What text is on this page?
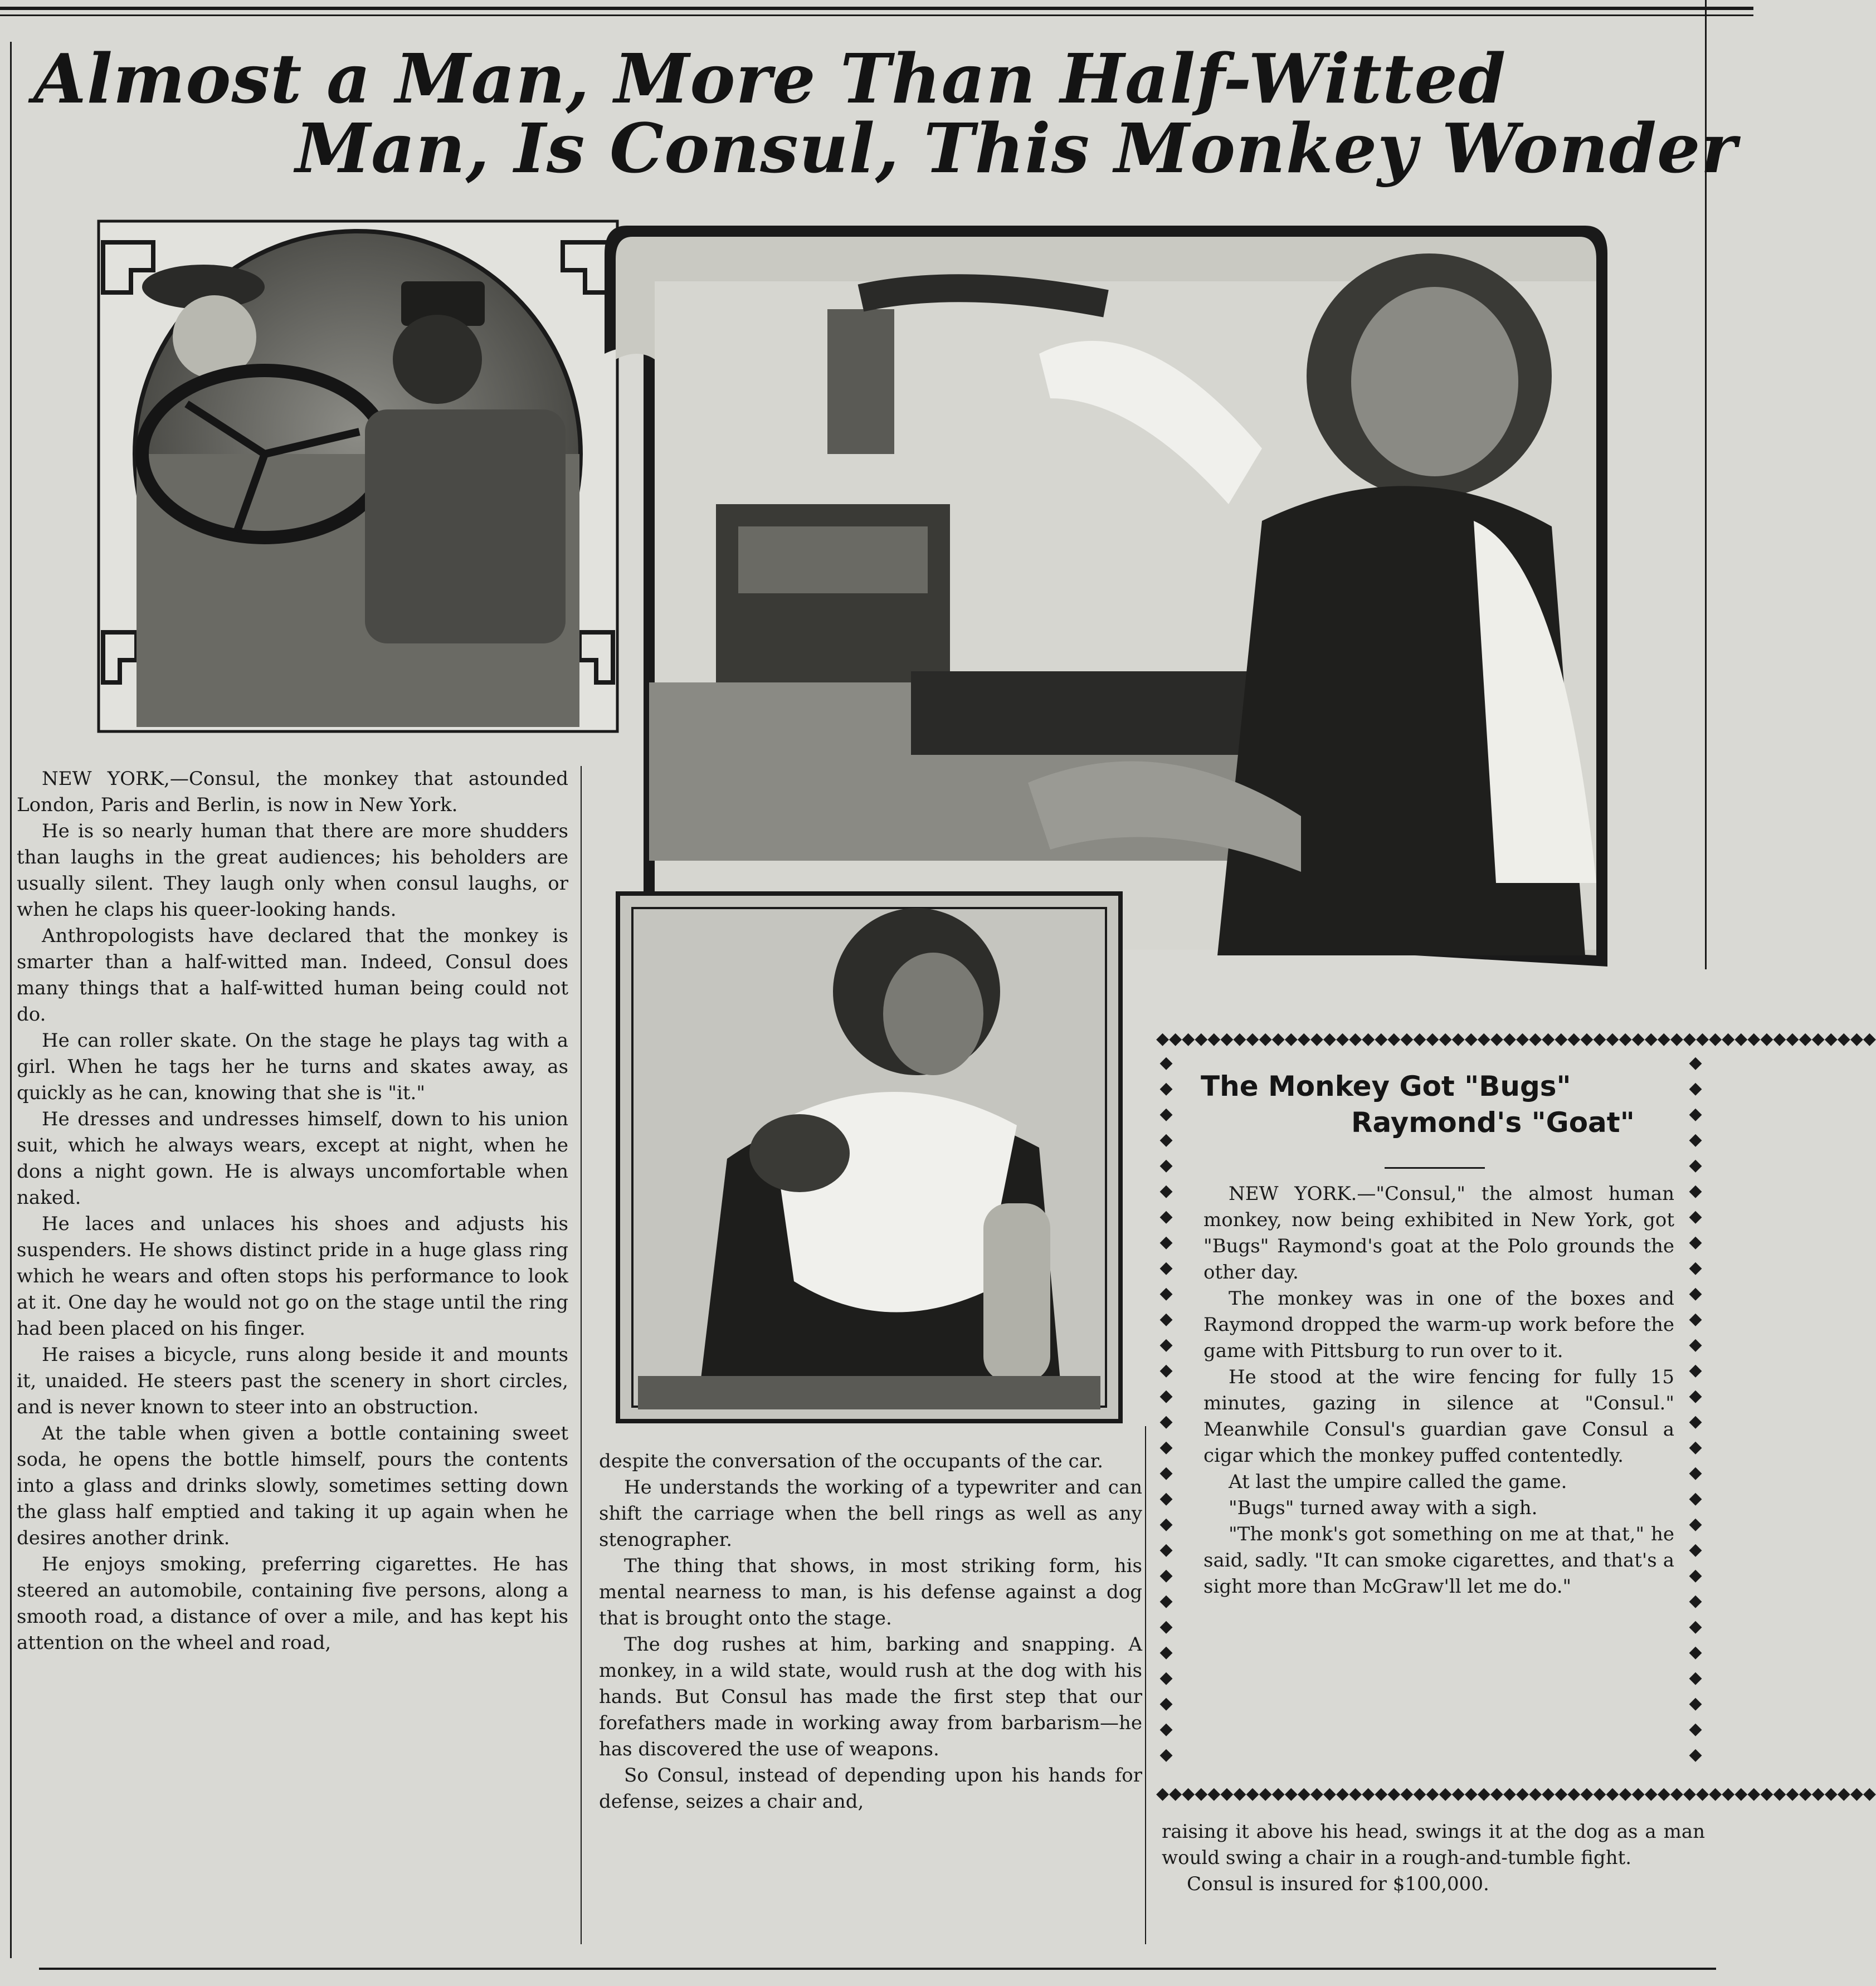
Almost a Man, More Than Half-Witted
Man, Is Consul, This Monkey Wonder

NEW YORK,—Consul, the monkey that astounded London, Paris and Berlin, is now in New York.

He is so nearly human that there are more shudders than laughs in the great audiences; his beholders are usually silent. They laugh only when consul laughs, or when he claps his queer-looking hands.

Anthropologists have declared that the monkey is smarter than a half-witted man. Indeed, Consul does many things that a half-witted human being could not do.

He can roller skate. On the stage he plays tag with a girl. When he tags her he turns and skates away, as quickly as he can, knowing that she is "it."

He dresses and undresses himself, down to his union suit, which he always wears, except at night, when he dons a night gown. He is always uncomfortable when naked.

He laces and unlaces his shoes and adjusts his suspenders. He shows distinct pride in a huge glass ring which he wears and often stops his performance to look at it. One day he would not go on the stage until the ring had been placed on his finger.

He raises a bicycle, runs along beside it and mounts it, unaided. He steers past the scenery in short circles, and is never known to steer into an obstruction.

At the table when given a bottle containing sweet soda, he opens the bottle himself, pours the contents into a glass and drinks slowly, sometimes setting down the glass half emptied and taking it up again when he desires another drink.

He enjoys smoking, preferring cigarettes. He has steered an automobile, containing five persons, along a smooth road, a distance of over a mile, and has kept his attention on the wheel and road,

despite the conversation of the occupants of the car.

He understands the working of a typewriter and can shift the carriage when the bell rings as well as any stenographer.

The thing that shows, in most striking form, his mental nearness to man, is his defense against a dog that is brought onto the stage.

The dog rushes at him, barking and snapping. A monkey, in a wild state, would rush at the dog with his hands. But Consul has made the first step that our forefathers made in working away from barbarism—he has discovered the use of weapons.

So Consul, instead of depending upon his hands for defense, seizes a chair and,

◆◆◆◆◆◆◆◆◆◆◆◆◆◆◆◆◆◆◆◆◆◆◆◆◆◆◆◆◆◆◆◆◆◆◆◆◆◆◆◆◆◆◆◆◆◆◆◆◆◆◆◆◆◆◆◆
◆◆◆◆◆◆◆◆◆◆◆◆◆◆◆◆◆◆◆◆◆◆◆◆◆◆◆◆◆◆◆◆◆◆◆◆◆◆◆◆◆◆◆◆◆◆◆◆◆◆◆◆◆◆◆◆
◆
◆
◆
◆
◆
◆
◆
◆
◆
◆
◆
◆
◆
◆
◆
◆
◆
◆
◆
◆
◆
◆
◆
◆
◆
◆
◆
◆
◆
◆
◆
◆
◆
◆
◆
◆
◆
◆
◆
◆
◆
◆
◆
◆
◆
◆
◆
◆
◆
◆
◆
◆
◆
◆
◆
◆
The Monkey Got "Bugs"
Raymond's "Goat"

NEW YORK.—"Consul," the almost human monkey, now being exhibited in New York, got "Bugs" Raymond's goat at the Polo grounds the other day.

The monkey was in one of the boxes and Raymond dropped the warm-up work before the game with Pittsburg to run over to it.

He stood at the wire fencing for fully 15 minutes, gazing in silence at "Consul." Meanwhile Consul's guardian gave Consul a cigar which the monkey puffed contentedly.

At last the umpire called the game.

"Bugs" turned away with a sigh.

"The monk's got something on me at that," he said, sadly. "It can smoke cigarettes, and that's a sight more than McGraw'll let me do."

raising it above his head, swings it at the dog as a man would swing a chair in a rough-and-tumble fight.

Consul is insured for $100,000.
